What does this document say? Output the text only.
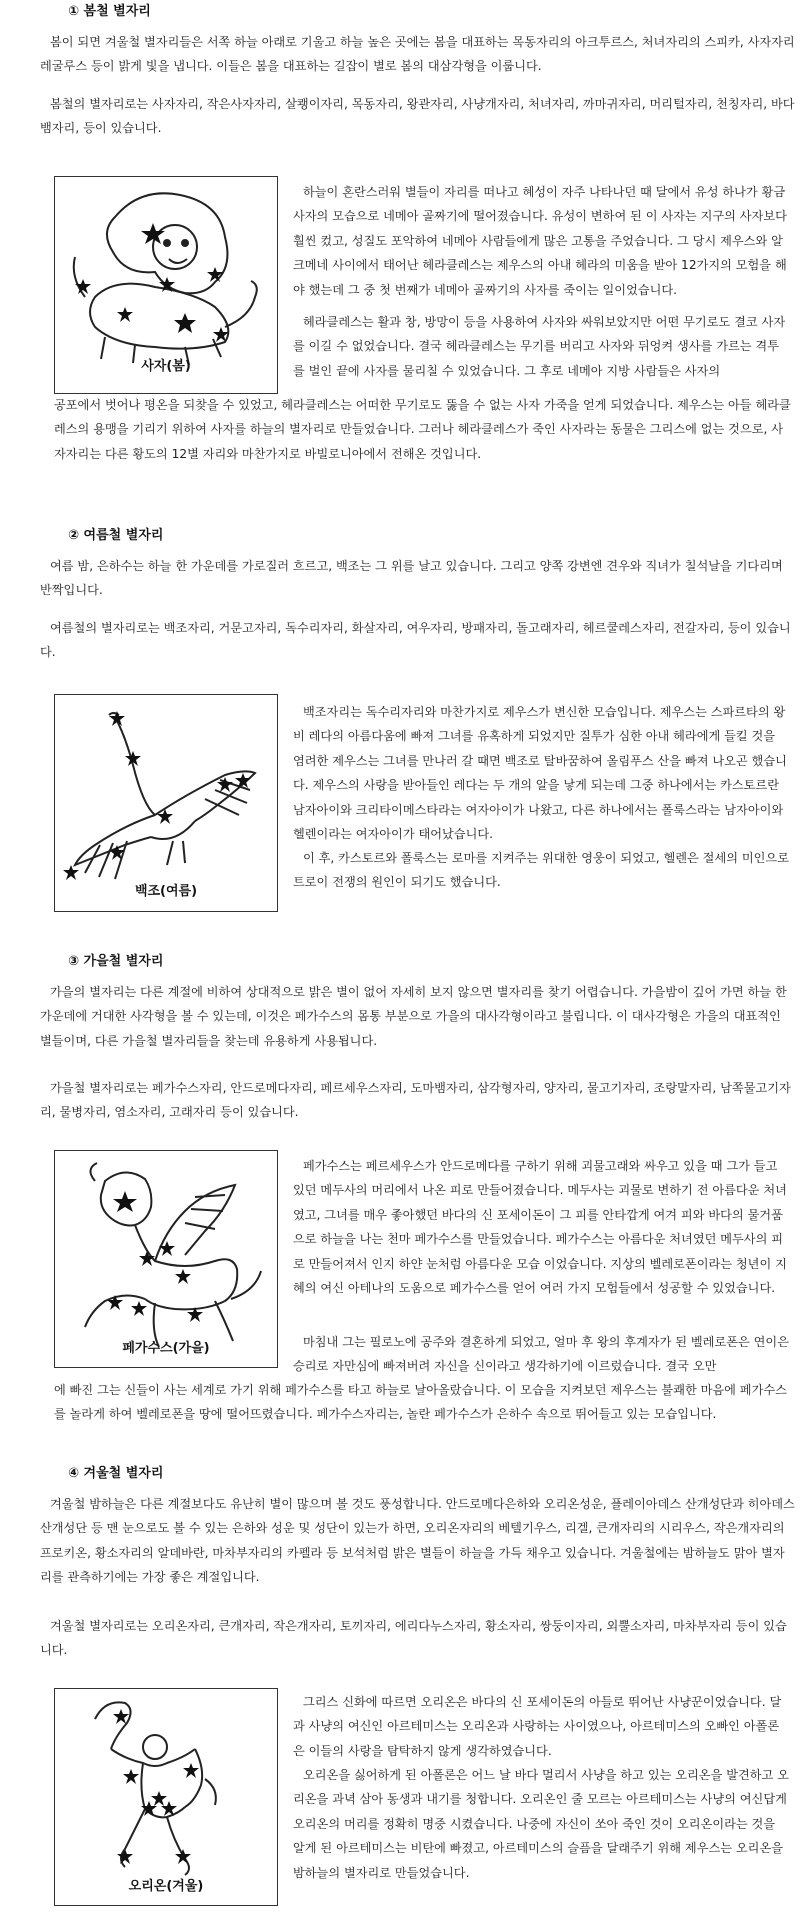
① 봄철 별자리

봄이 되면 겨울철 별자리들은 서쪽 하늘 아래로 기울고 하늘 높은 곳에는 봄을 대표하는 목동자리의 아크투르스, 처녀자리의 스피카, 사자자리 레굴루스 등이 밝게 빛을 냅니다. 이들은 봄을 대표하는 길잡이 별로 봄의 대삼각형을 이룹니다.

봄철의 별자리로는 사자자리, 작은사자자리, 살쾡이자리, 목동자리, 왕관자리, 사냥개자리, 처녀자리, 까마귀자리, 머리털자리, 천칭자리, 바다뱀자리, 등이 있습니다.

사자(봄)

하늘이 혼란스러워 별들이 자리를 떠나고 혜성이 자주 나타나던 때 달에서 유성 하나가 황금사자의 모습으로 네메아 골짜기에 떨어졌습니다. 유성이 변하여 된 이 사자는 지구의 사자보다 훨씬 컸고, 성질도 포악하여 네메아 사람들에게 많은 고통을 주었습니다. 그 당시 제우스와 알크메네 사이에서 태어난 헤라클레스는 제우스의 아내 헤라의 미움을 받아 12가지의 모험을 해야 했는데 그 중 첫 번째가 네메아 골짜기의 사자를 죽이는 일이었습니다.

헤라클레스는 활과 창, 방망이 등을 사용하여 사자와 싸워보았지만 어떤 무기로도 결코 사자를 이길 수 없었습니다. 결국 헤라클레스는 무기를 버리고 사자와 뒤엉켜 생사를 가르는 격투를 벌인 끝에 사자를 물리칠 수 있었습니다. 그 후로 네메아 지방 사람들은 사자의

공포에서 벗어나 평온을 되찾을 수 있었고, 헤라클레스는 어떠한 무기로도 뚫을 수 없는 사자 가죽을 얻게 되었습니다. 제우스는 아들 헤라클레스의 용맹을 기리기 위하여 사자를 하늘의 별자리로 만들었습니다. 그러나 헤라클레스가 죽인 사자라는 동물은 그리스에 없는 것으로, 사자자리는 다른 황도의 12별 자리와 마찬가지로 바빌로니아에서 전해온 것입니다.

② 여름철 별자리

여름 밤, 은하수는 하늘 한 가운데를 가로질러 흐르고, 백조는 그 위를 날고 있습니다. 그리고 양쪽 강변엔 견우와 직녀가 칠석날을 기다리며 반짝입니다.

여름철의 별자리로는 백조자리, 거문고자리, 독수리자리, 화살자리, 여우자리, 방패자리, 돌고래자리, 헤르쿨레스자리, 전갈자리, 등이 있습니다.

백조(여름)

백조자리는 독수리자리와 마찬가지로 제우스가 변신한 모습입니다. 제우스는 스파르타의 왕비 레다의 아름다움에 빠져 그녀를 유혹하게 되었지만 질투가 심한 아내 헤라에게 들킬 것을 염려한 제우스는 그녀를 만나러 갈 때면 백조로 탈바꿈하여 올림푸스 산을 빠져 나오곤 했습니다. 제우스의 사랑을 받아들인 레다는 두 개의 알을 낳게 되는데 그중 하나에서는 카스토르란 남자아이와 크리타이메스타라는 여자아이가 나왔고, 다른 하나에서는 폴룩스라는 남자아이와 헬렌이라는 여자아이가 태어났습니다.

이 후, 카스토르와 폴룩스는 로마를 지켜주는 위대한 영웅이 되었고, 헬렌은 절세의 미인으로 트로이 전쟁의 원인이 되기도 했습니다.

③ 가을철 별자리

가을의 별자리는 다른 계절에 비하여 상대적으로 밝은 별이 없어 자세히 보지 않으면 별자리를 찾기 어렵습니다. 가을밤이 깊어 가면 하늘 한가운데에 거대한 사각형을 볼 수 있는데, 이것은 페가수스의 몸통 부분으로 가을의 대사각형이라고 불립니다. 이 대사각형은 가을의 대표적인 별들이며, 다른 가을철 별자리들을 찾는데 유용하게 사용됩니다.

가을철 별자리로는 페가수스자리, 안드로메다자리, 페르세우스자리, 도마뱀자리, 삼각형자리, 양자리, 물고기자리, 조랑말자리, 남쪽물고기자리, 물병자리, 염소자리, 고래자리 등이 있습니다.

페가수스(가을)

페가수스는 페르세우스가 안드로메다를 구하기 위해 괴물고래와 싸우고 있을 때 그가 들고 있던 메두사의 머리에서 나온 피로 만들어졌습니다. 메두사는 괴물로 변하기 전 아름다운 처녀였고, 그녀를 매우 좋아했던 바다의 신 포세이돈이 그 피를 안타깝게 여겨 피와 바다의 물거품으로 하늘을 나는 천마 페가수스를 만들었습니다. 페가수스는 아름다운 처녀였던 메두사의 피로 만들어져서 인지 하얀 눈처럼 아름다운 모습 이었습니다. 지상의 벨레로폰이라는 청년이 지혜의 여신 아테나의 도움으로 페가수스를 얻어 여러 가지 모험들에서 성공할 수 있었습니다.

마침내 그는 필로노에 공주와 결혼하게 되었고, 얼마 후 왕의 후계자가 된 벨레로폰은 연이은 승리로 자만심에 빠져버려 자신을 신이라고 생각하기에 이르렀습니다. 결국 오만

에 빠진 그는 신들이 사는 세계로 가기 위해 페가수스를 타고 하늘로 날아올랐습니다. 이 모습을 지켜보던 제우스는 불쾌한 마음에 페가수스를 놀라게 하여 벨레로폰을 땅에 떨어뜨렸습니다. 페가수스자리는, 놀란 페가수스가 은하수 속으로 뛰어들고 있는 모습입니다.

④ 겨울철 별자리

겨울철 밤하늘은 다른 계절보다도 유난히 별이 많으며 볼 것도 풍성합니다. 안드로메다은하와 오리온성운, 플레이아데스 산개성단과 히아데스 산개성단 등 맨 눈으로도 볼 수 있는 은하와 성운 및 성단이 있는가 하면, 오리온자리의 베텔기우스, 리겔, 큰개자리의 시리우스, 작은개자리의 프로키온, 황소자리의 알데바란, 마차부자리의 카펠라 등 보석처럼 밝은 별들이 하늘을 가득 채우고 있습니다. 겨울철에는 밤하늘도 맑아 별자리를 관측하기에는 가장 좋은 계절입니다.

겨울철 별자리로는 오리온자리, 큰개자리, 작은개자리, 토끼자리, 에리다누스자리, 황소자리, 쌍둥이자리, 외뿔소자리, 마차부자리 등이 있습니다.

오리온(겨울)

그리스 신화에 따르면 오리온은 바다의 신 포세이돈의 아들로 뛰어난 사냥꾼이었습니다. 달과 사냥의 여신인 아르테미스는 오리온과 사랑하는 사이였으나, 아르테미스의 오빠인 아폴론은 이들의 사랑을 탐탁하지 않게 생각하였습니다.

오리온을 싫어하게 된 아폴론은 어느 날 바다 멀리서 사냥을 하고 있는 오리온을 발견하고 오리온을 과녁 삼아 동생과 내기를 청합니다. 오리온인 줄 모르는 아르테미스는 사냥의 여신답게 오리온의 머리를 정확히 명중 시켰습니다. 나중에 자신이 쏘아 죽인 것이 오리온이라는 것을 알게 된 아르테미스는 비탄에 빠졌고, 아르테미스의 슬픔을 달래주기 위해 제우스는 오리온을 밤하늘의 별자리로 만들었습니다.
